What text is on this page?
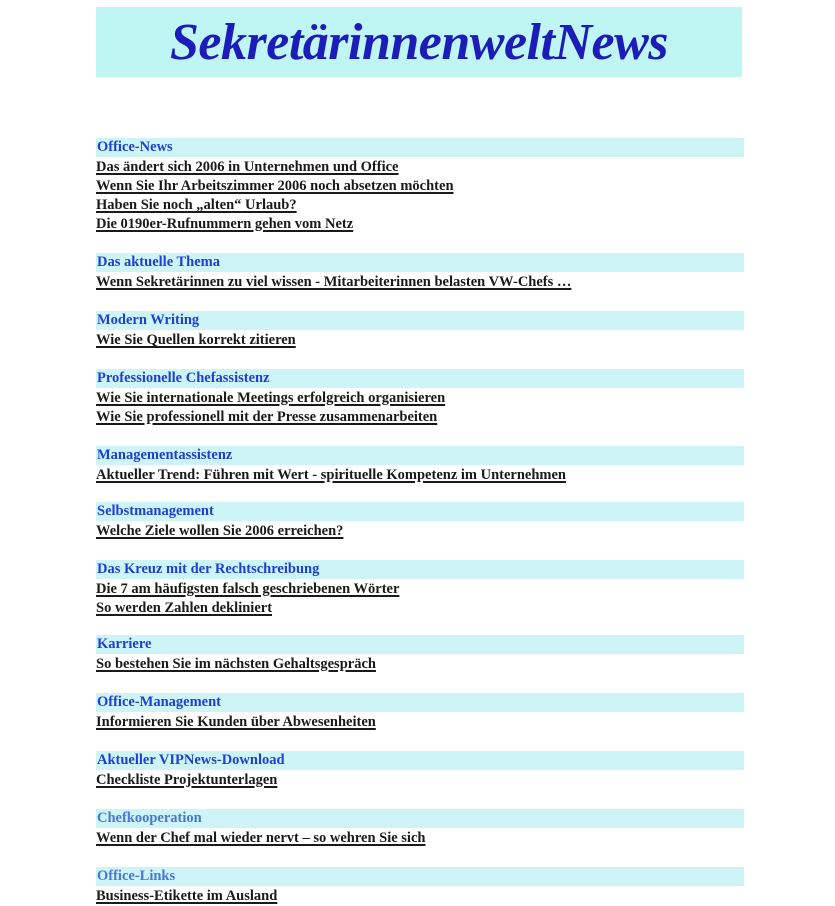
SekretärinnenweltNews
Office-News
Das ändert sich 2006 in Unternehmen und Office
Wenn Sie Ihr Arbeitszimmer 2006 noch absetzen möchten
Haben Sie noch „alten“ Urlaub?
Die 0190er-Rufnummern gehen vom Netz
Das aktuelle Thema
Wenn Sekretärinnen zu viel wissen - Mitarbeiterinnen belasten VW-Chefs …
Modern Writing
Wie Sie Quellen korrekt zitieren
Professionelle Chefassistenz
Wie Sie internationale Meetings erfolgreich organisieren
Wie Sie professionell mit der Presse zusammenarbeiten
Managementassistenz
Aktueller Trend: Führen mit Wert - spirituelle Kompetenz im Unternehmen
Selbstmanagement
Welche Ziele wollen Sie 2006 erreichen?
Das Kreuz mit der Rechtschreibung
Die 7 am häufigsten falsch geschriebenen Wörter
So werden Zahlen dekliniert
Karriere
So bestehen Sie im nächsten Gehaltsgespräch
Office-Management
Informieren Sie Kunden über Abwesenheiten
Aktueller VIPNews-Download
Checkliste Projektunterlagen
Chefkooperation
Wenn der Chef mal wieder nervt – so wehren Sie sich
Office-Links
Business-Etikette im Ausland
